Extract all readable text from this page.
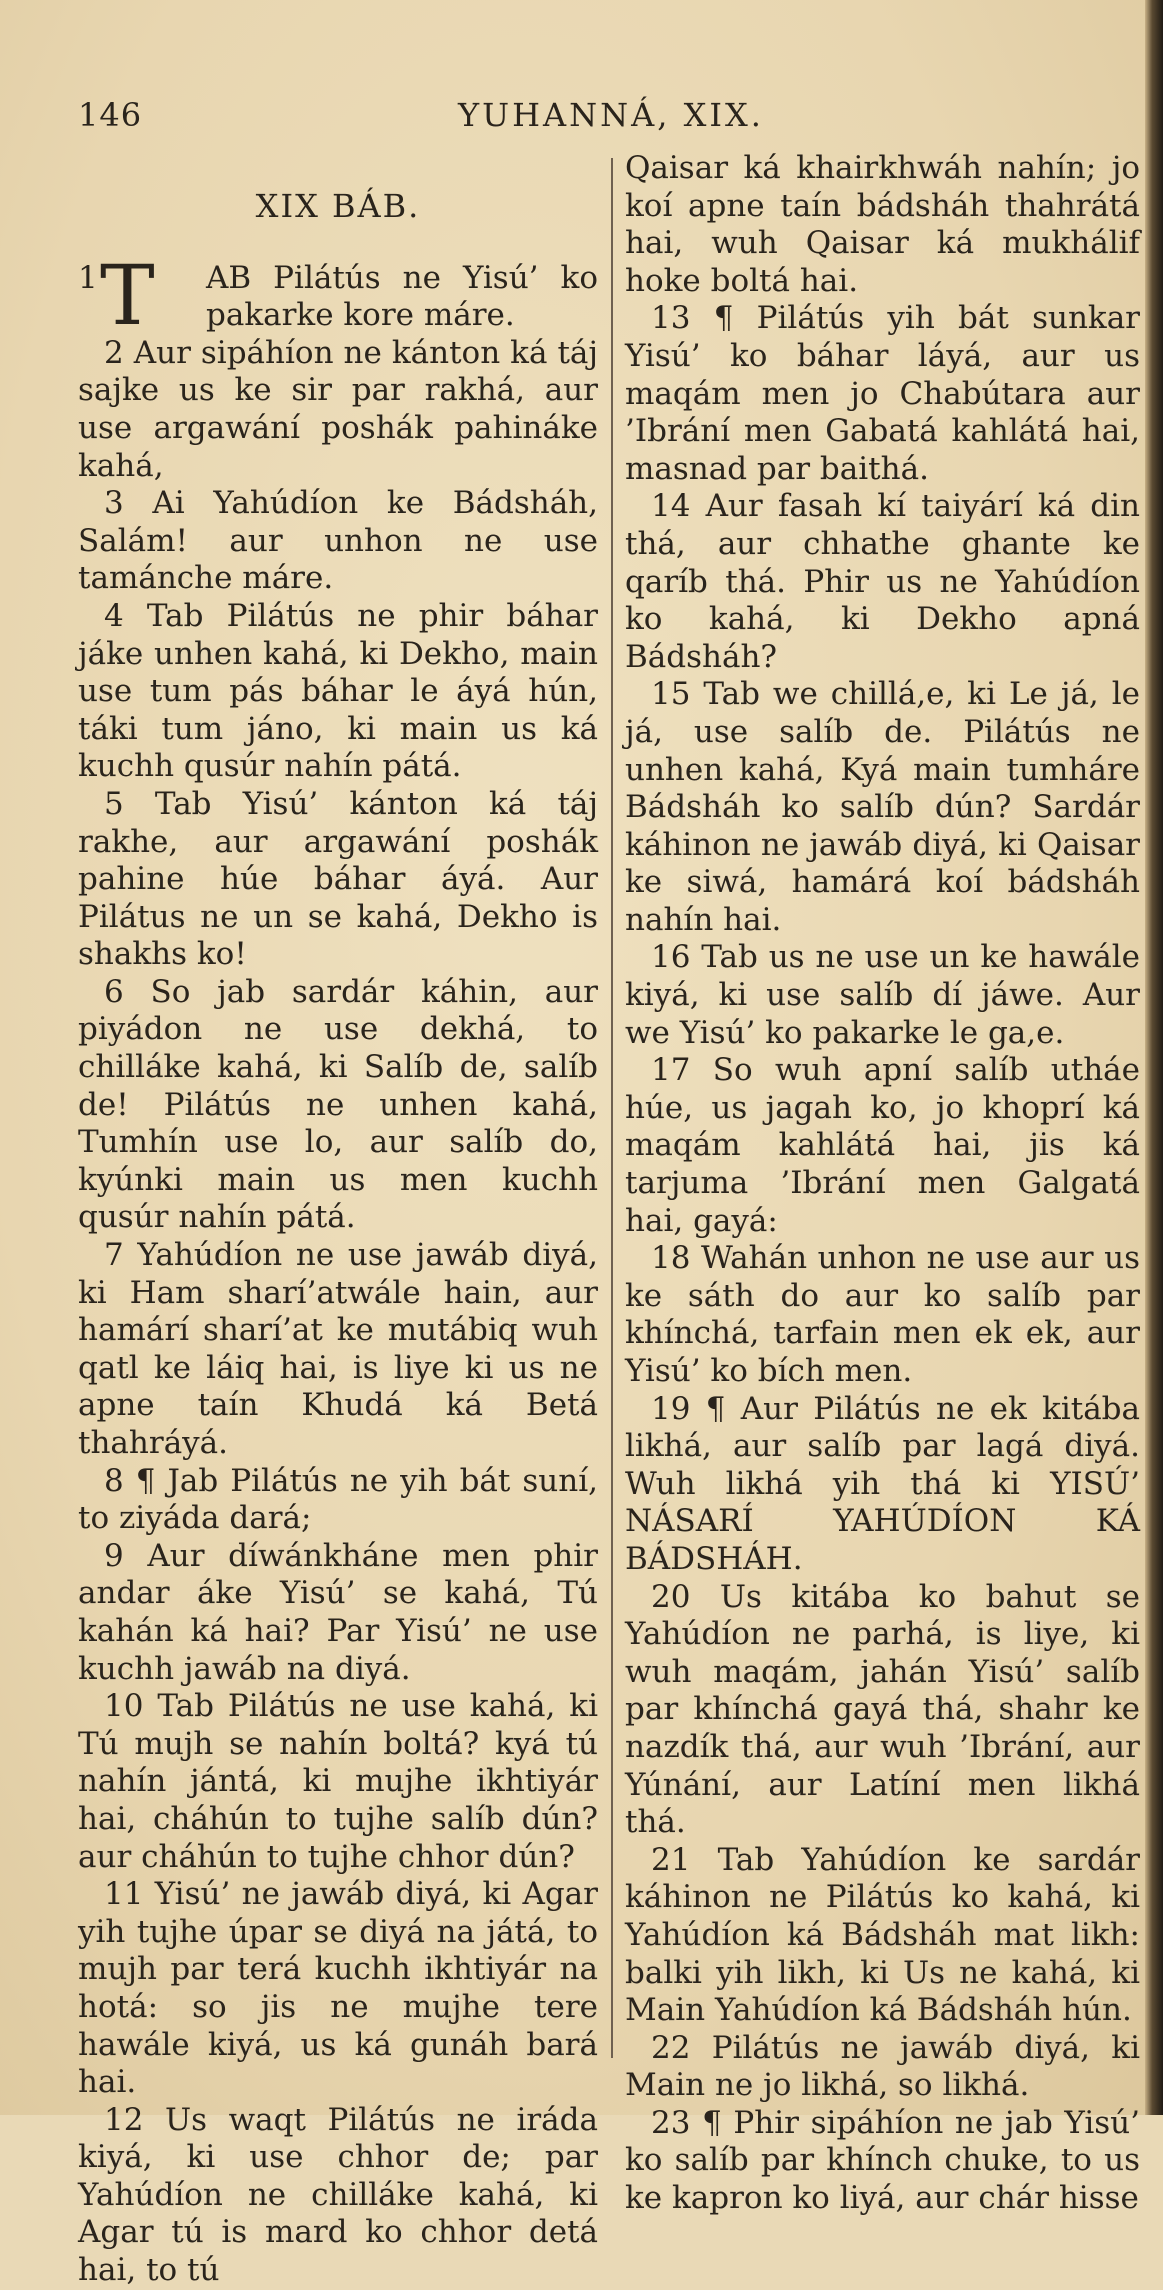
146	YUHANNÁ, XIX.
XIX BÁB.

1 T AB Pilátús ne Yisú’ ko pakarke kore máre.

2 Aur sipáhíon ne kánton ká táj sajke us ke sir par rakhá, aur use argawání poshák pahináke kahá,

3 Ai Yahúdíon ke Bádsháh, Salám! aur unhon ne use tamánche máre.

4 Tab Pilátús ne phir báhar jáke unhen kahá, ki Dekho, main use tum pás báhar le áyá hún, táki tum jáno, ki main us ká kuchh qusúr nahín pátá.

5 Tab Yisú’ kánton ká táj rakhe, aur argawání poshák pahine húe báhar áyá. Aur Pilátus ne un se kahá, Dekho is shakhs ko!

6 So jab sardár káhin, aur piyádon ne use dekhá, to chilláke kahá, ki Salíb de, salíb de! Pilátús ne unhen kahá, Tumhín use lo, aur salíb do, kyúnki main us men kuchh qusúr nahín pátá.

7 Yahúdíon ne use jawáb diyá, ki Ham sharí’atwále hain, aur hamárí sharí’at ke mutábiq wuh qatl ke láiq hai, is liye ki us ne apne taín Khudá ká Betá thahráyá.

8 ¶ Jab Pilátús ne yih bát suní, to ziyáda dará;

9 Aur díwánkháne men phir andar áke Yisú’ se kahá, Tú kahán ká hai? Par Yisú’ ne use kuchh jawáb na diyá.

10 Tab Pilátús ne use kahá, ki Tú mujh se nahín boltá? kyá tú nahín jántá, ki mujhe ikhtiyár hai, cháhún to tujhe salíb dún? aur cháhún to tujhe chhor dún?

11 Yisú’ ne jawáb diyá, ki Agar yih tujhe úpar se diyá na játá, to mujh par terá kuchh ikhtiyár na hotá: so jis ne mujhe tere hawále kiyá, us ká gunáh bará hai.

12 Us waqt Pilátús ne iráda kiyá, ki use chhor de; par Yahúdíon ne chilláke kahá, ki Agar tú is mard ko chhor detá hai, to tú

Qaisar ká khairkhwáh nahín; jo koí apne taín bádsháh thahrátá hai, wuh Qaisar ká mukhálif hoke boltá hai.

13 ¶ Pilátús yih bát sunkar Yisú’ ko báhar láyá, aur us maqám men jo Chabútara aur ’Ibrání men Gabatá kahlátá hai, masnad par baithá.

14 Aur fasah kí taiyárí ká din thá, aur chhathe ghante ke qaríb thá. Phir us ne Yahúdíon ko kahá, ki Dekho apná Bádsháh?

15 Tab we chillá,e, ki Le já, le já, use salíb de. Pilátús ne unhen kahá, Kyá main tumháre Bádsháh ko salíb dún? Sardár káhinon ne jawáb diyá, ki Qaisar ke siwá, hamárá koí bádsháh nahín hai.

16 Tab us ne use un ke hawále kiyá, ki use salíb dí jáwe. Aur we Yisú’ ko pakarke le ga,e.

17 So wuh apní salíb utháe húe, us jagah ko, jo khoprí ká maqám kahlátá hai, jis ká tarjuma ’Ibrání men Galgatá hai, gayá:

18 Wahán unhon ne use aur us ke sáth do aur ko salíb par khínchá, tarfain men ek ek, aur Yisú’ ko bích men.

19 ¶ Aur Pilátús ne ek kitába likhá, aur salíb par lagá diyá. Wuh likhá yih thá ki YISÚ’ NÁSARÍ YAHÚDÍON KÁ BÁDSHÁH.

20 Us kitába ko bahut se Yahúdíon ne parhá, is liye, ki wuh maqám, jahán Yisú’ salíb par khínchá gayá thá, shahr ke nazdík thá, aur wuh ’Ibrání, aur Yúnání, aur Latíní men likhá thá.

21 Tab Yahúdíon ke sardár káhinon ne Pilátús ko kahá, ki Yahúdíon ká Bádsháh mat likh: balki yih likh, ki Us ne kahá, ki Main Yahúdíon ká Bádsháh hún.

22 Pilátús ne jawáb diyá, ki Main ne jo likhá, so likhá.

23 ¶ Phir sipáhíon ne jab Yisú’ ko salíb par khínch chuke, to us ke kapron ko liyá, aur chár hisse
